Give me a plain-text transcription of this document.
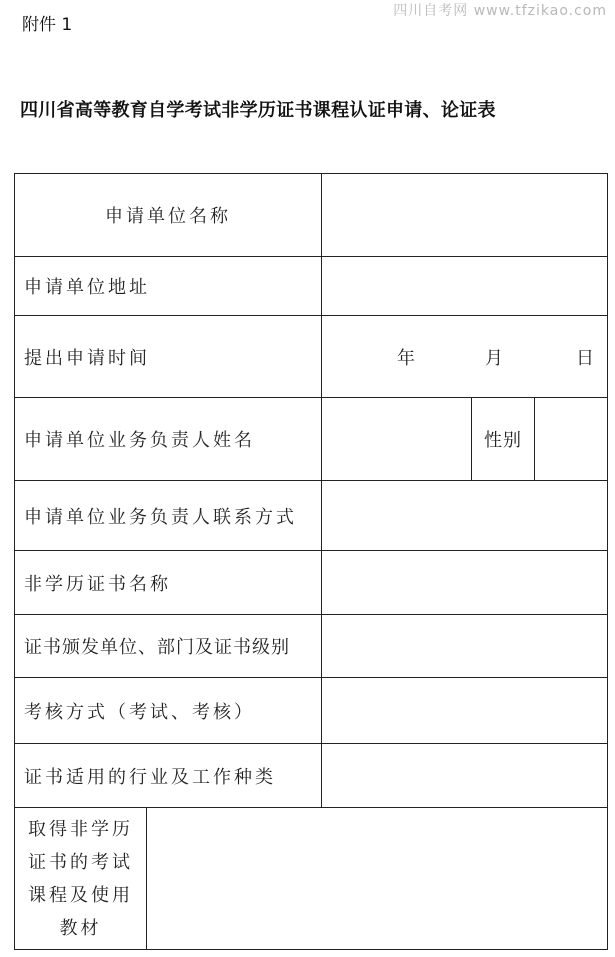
四川自考网 www.tfzikao.com
附件 1
四川省高等教育自学考试非学历证书课程认证申请、论证表
申请单位名称				
申请单位地址				
提出申请时间		年 月 日		

申请单位业务负责人姓名			性别	
申请单位业务负责人联系方式				
非学历证书名称				
证书颁发单位、部门及证书级别				
考核方式（考试、考核）				
证书适用的行业及工作种类				

取得非学历
证书的考试
课程及使用
教材				
